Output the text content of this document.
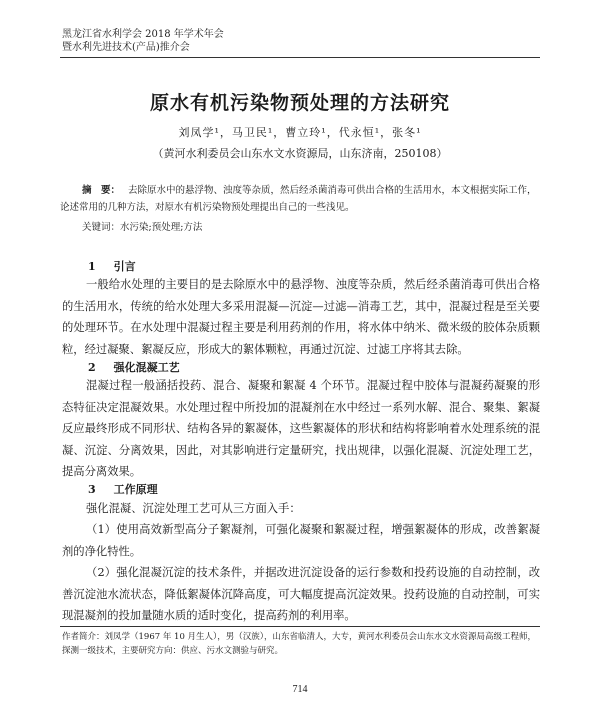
黑龙江省水利学会 2018 年学术年会
暨水利先进技术(产品)推介会
原水有机污染物预处理的方法研究
刘凤学¹，马卫民¹，曹立玲¹，代永恒¹，张冬¹
（黄河水利委员会山东水文水资源局，山东济南，250108）
摘　要： 去除原水中的悬浮物、浊度等杂质，然后经杀菌消毒可供出合格的生活用水，本文根据实际工作，论述常用的几种方法，对原水有机污染物预处理提出自己的一些浅见。
关键词：水污染;预处理;方法
1 引言
一般给水处理的主要目的是去除原水中的悬浮物、浊度等杂质，然后经杀菌消毒可供出合格的生活用水，传统的给水处理大多采用混凝—沉淀—过滤—消毒工艺，其中，混凝过程是至关要的处理环节。在水处理中混凝过程主要是利用药剂的作用，将水体中纳米、微米级的胶体杂质颗粒，经过凝聚、絮凝反应，形成大的絮体颗粒，再通过沉淀、过滤工序将其去除。
2 强化混凝工艺
混凝过程一般涵括投药、混合、凝聚和絮凝 4 个环节。混凝过程中胶体与混凝药凝聚的形态特征决定混凝效果。水处理过程中所投加的混凝剂在水中经过一系列水解、混合、聚集、絮凝反应最终形成不同形状、结构各异的絮凝体，这些絮凝体的形状和结构将影响着水处理系统的混凝、沉淀、分离效果，因此，对其影响进行定量研究，找出规律，以强化混凝、沉淀处理工艺，提高分离效果。
3 工作原理
强化混凝、沉淀处理工艺可从三方面入手：
（1）使用高效新型高分子絮凝剂，可强化凝聚和絮凝过程，增强絮凝体的形成，改善絮凝剂的净化特性。
（2）强化混凝沉淀的技术条件，并据改进沉淀设备的运行参数和投药设施的自动控制，改善沉淀池水流状态，降低絮凝体沉降高度，可大幅度提高沉淀效果。投药设施的自动控制，可实现混凝剂的投加量随水质的适时变化，提高药剂的利用率。
作者简介：刘凤学（1967 年 10 月生人），男（汉族），山东省临清人，大专，黄河水利委员会山东水文水资源局高级工程师，探测一级技术，主要研究方向：供应、污水文测验与研究。
714
